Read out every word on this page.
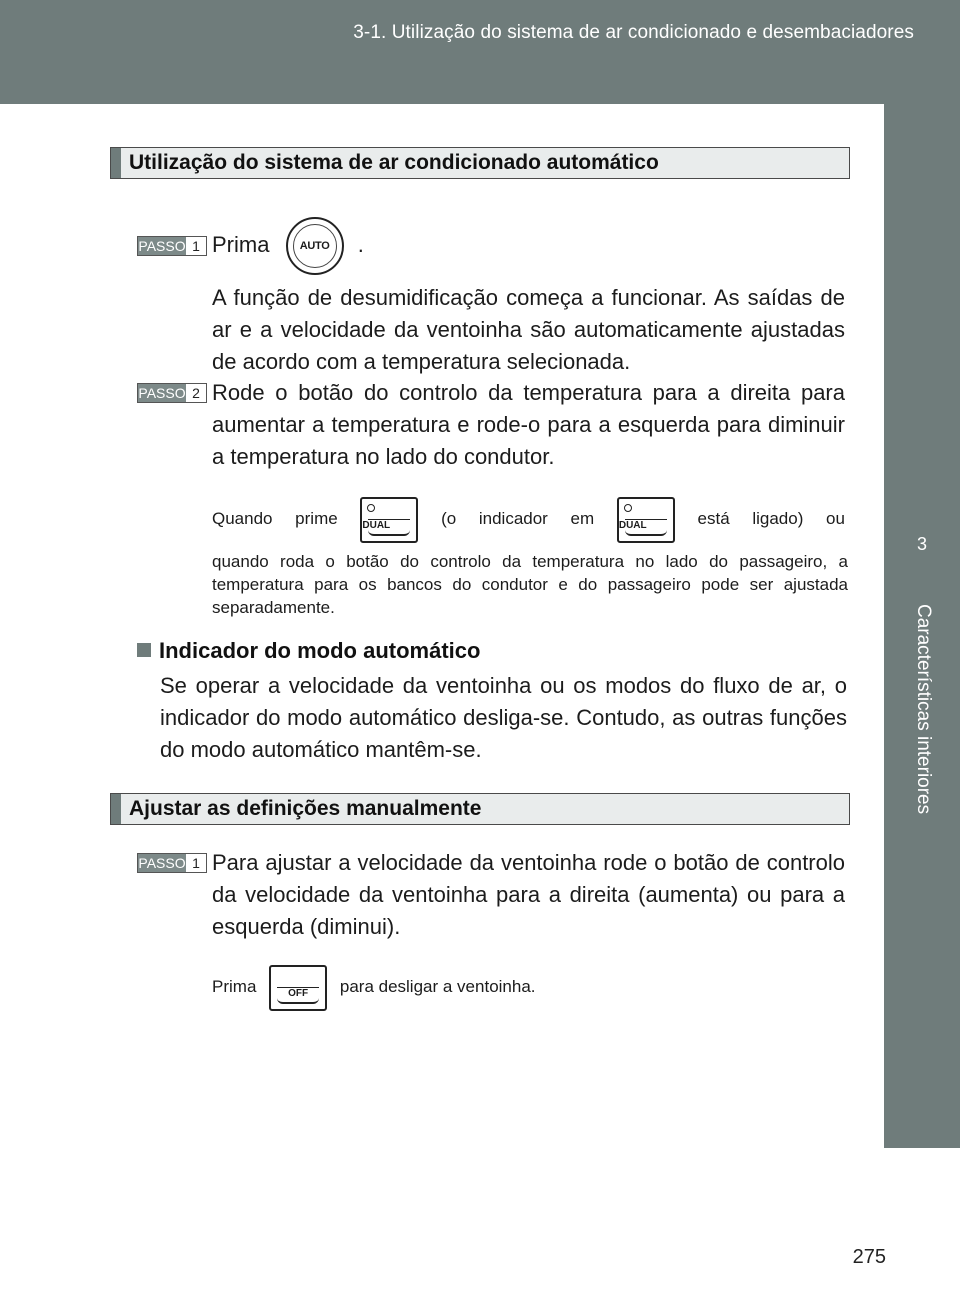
3-1. Utilização do sistema de ar condicionado e desembaciadores
3
Características interiores
Utilização do sistema de ar condicionado automático
PASSO 1 Prima	AUTO	.
A função de desumidificação começa a funcionar. As saídas de ar e a velocidade da ventoinha são automaticamente ajustadas de acordo com a temperatura selecionada.
PASSO 2 Rode o botão do controlo da temperatura para a direita para aumentar a temperatura e rode-o para a esquerda para diminuir a temperatura no lado do condutor.
Quando prime DUAL	(o indicador em DUAL	está ligado) ou
quando roda o botão do controlo da temperatura no lado do passageiro, a temperatura para os bancos do condutor e do passageiro pode ser ajustada separadamente.
Indicador do modo automático
Se operar a velocidade da ventoinha ou os modos do fluxo de ar, o indicador do modo automático desliga-se. Contudo, as outras funções do modo automático mantêm-se.
Ajustar as definições manualmente
PASSO 1 Para ajustar a velocidade da ventoinha rode o botão de controlo da velocidade da ventoinha para a direita (aumenta) ou para a esquerda (diminui).
Prima	OFF	para desligar a ventoinha.
275
